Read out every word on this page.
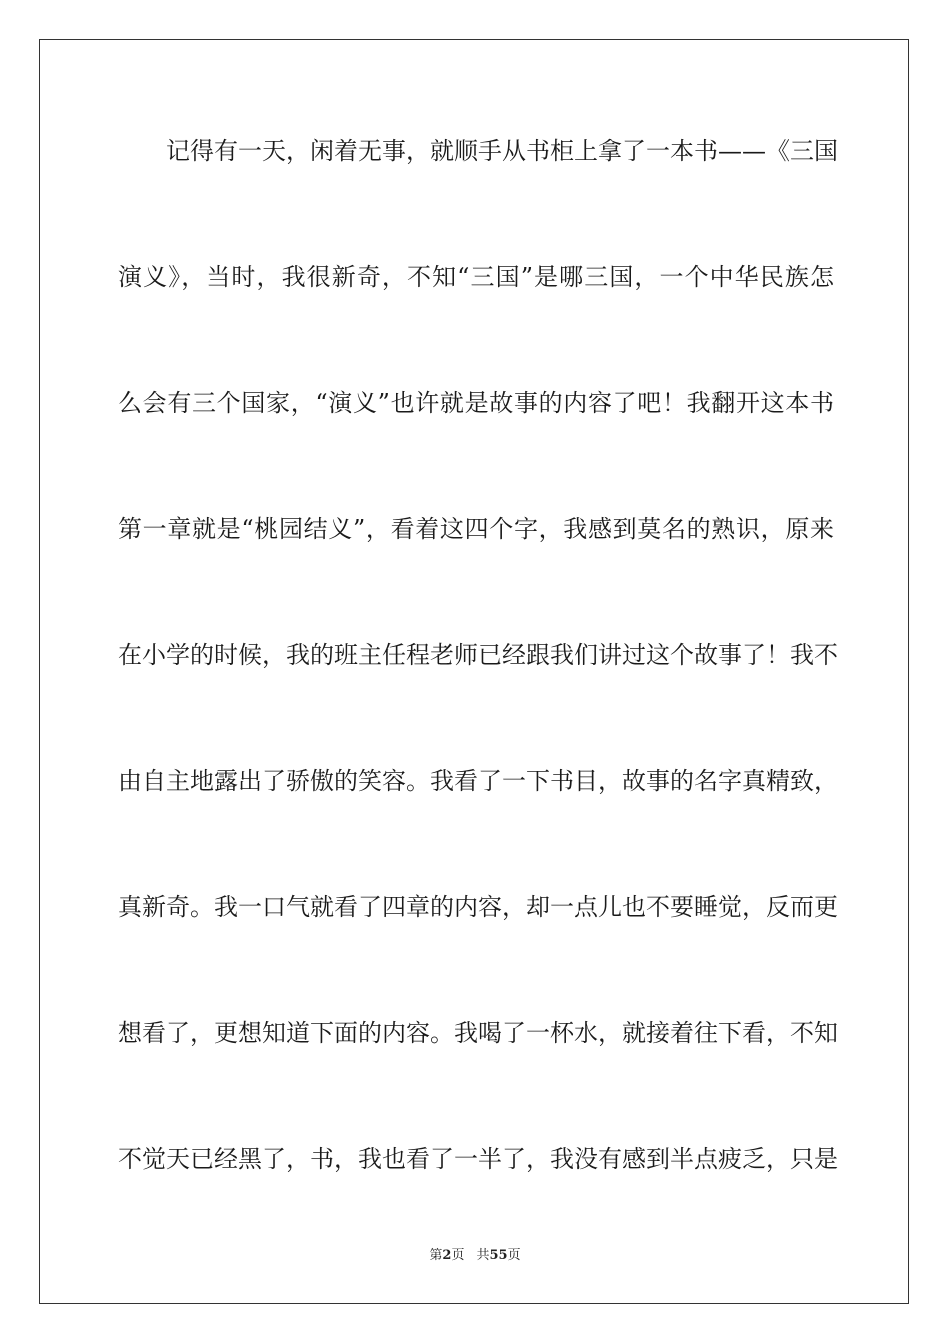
记得有一天，闲着无事，就顺手从书柜上拿了一本书——《三国
演义》，当时，我很新奇，不知“三国”是哪三国，一个中华民族怎
么会有三个国家，“演义”也许就是故事的内容了吧！我翻开这本书
第一章就是“桃园结义”，看着这四个字，我感到莫名的熟识，原来
在小学的时候，我的班主任程老师已经跟我们讲过这个故事了！我不
由自主地露出了骄傲的笑容。我看了一下书目，故事的名字真精致，
真新奇。我一口气就看了四章的内容，却一点儿也不要睡觉，反而更
想看了，更想知道下面的内容。我喝了一杯水，就接着往下看，不知
不觉天已经黑了，书，我也看了一半了，我没有感到半点疲乏，只是
第2页 共55页
